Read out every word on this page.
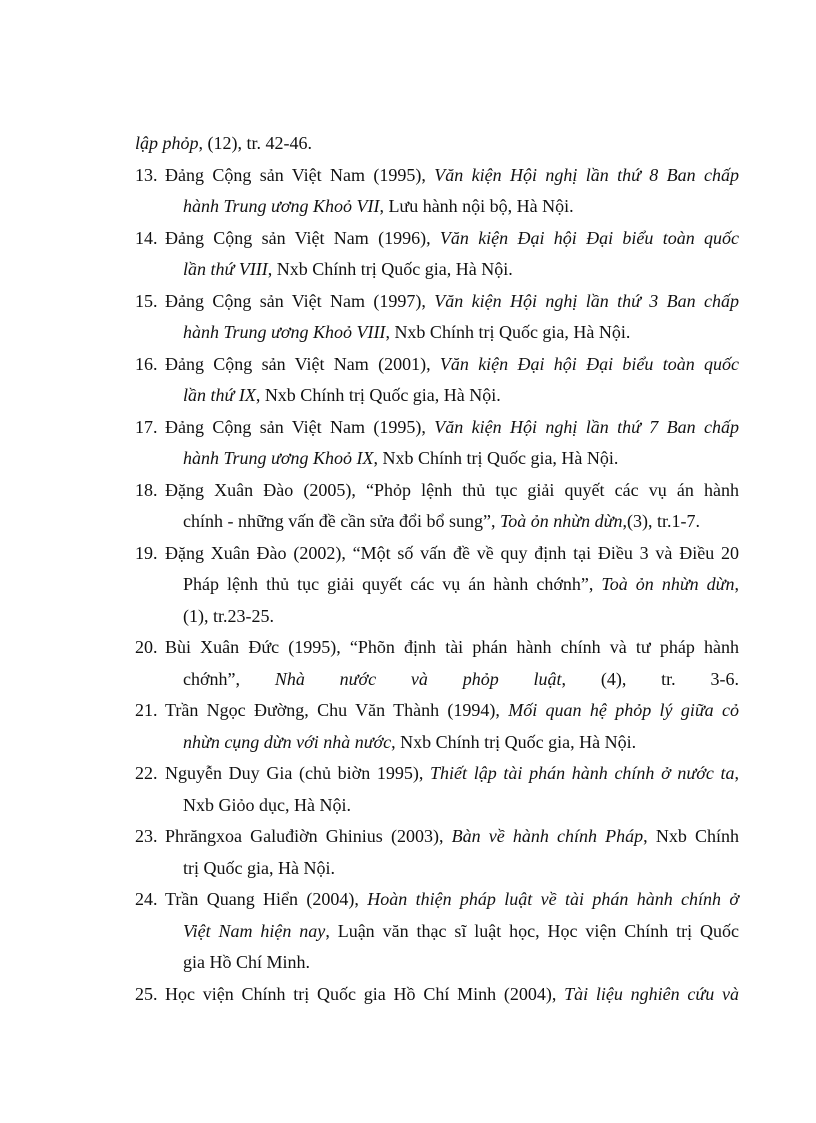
lập phỏp, (12), tr. 42-46.
13. Đảng Cộng sản Việt Nam (1995), Văn kiện Hội nghị lần thứ 8 Ban chấp
hành Trung ương Khoỏ VII, Lưu hành nội bộ, Hà Nội.
14. Đảng Cộng sản Việt Nam (1996), Văn kiện Đại hội Đại biểu toàn quốc
lần thứ VIII, Nxb Chính trị Quốc gia, Hà Nội.
15. Đảng Cộng sản Việt Nam (1997), Văn kiện Hội nghị lần thứ 3 Ban chấp
hành Trung ương Khoỏ VIII, Nxb Chính trị Quốc gia, Hà Nội.
16. Đảng Cộng sản Việt Nam (2001), Văn kiện Đại hội Đại biểu toàn quốc
lần thứ IX, Nxb Chính trị Quốc gia, Hà Nội.
17. Đảng Cộng sản Việt Nam (1995), Văn kiện Hội nghị lần thứ 7 Ban chấp
hành Trung ương Khoỏ IX, Nxb Chính trị Quốc gia, Hà Nội.
18. Đặng Xuân Đào (2005), “Phỏp lệnh thủ tục giải quyết các vụ án hành
chính - những vấn đề cần sửa đổi bổ sung”, Toà ỏn nhừn dừn,(3), tr.1-7.
19. Đặng Xuân Đào (2002), “Một số vấn đề về quy định tại Điều 3 và Điều 20
Pháp lệnh thủ tục giải quyết các vụ án hành chớnh”, Toà ỏn nhừn dừn,
(1), tr.23-25.
20. Bùi Xuân Đức (1995), “Phõn định tài phán hành chính và tư pháp hành
chớnh”, Nhà nước và phỏp luật, (4), tr. 3-6.
21. Trần Ngọc Đường, Chu Văn Thành (1994), Mối quan hệ phỏp lý giữa cỏ
nhừn cụng dừn với nhà nước, Nxb Chính trị Quốc gia, Hà Nội.
22. Nguyễn Duy Gia (chủ biờn 1995), Thiết lập tài phán hành chính ở nước ta,
Nxb Giỏo dục, Hà Nội.
23. Phrăngxoa Galuđiờn Ghinius (2003), Bàn về hành chính Pháp, Nxb Chính
trị Quốc gia, Hà Nội.
24. Trần Quang Hiển (2004), Hoàn thiện pháp luật về tài phán hành chính ở
Việt Nam hiện nay, Luận văn thạc sĩ luật học, Học viện Chính trị Quốc
gia Hồ Chí Minh.
25. Học viện Chính trị Quốc gia Hồ Chí Minh (2004), Tài liệu nghiên cứu và
